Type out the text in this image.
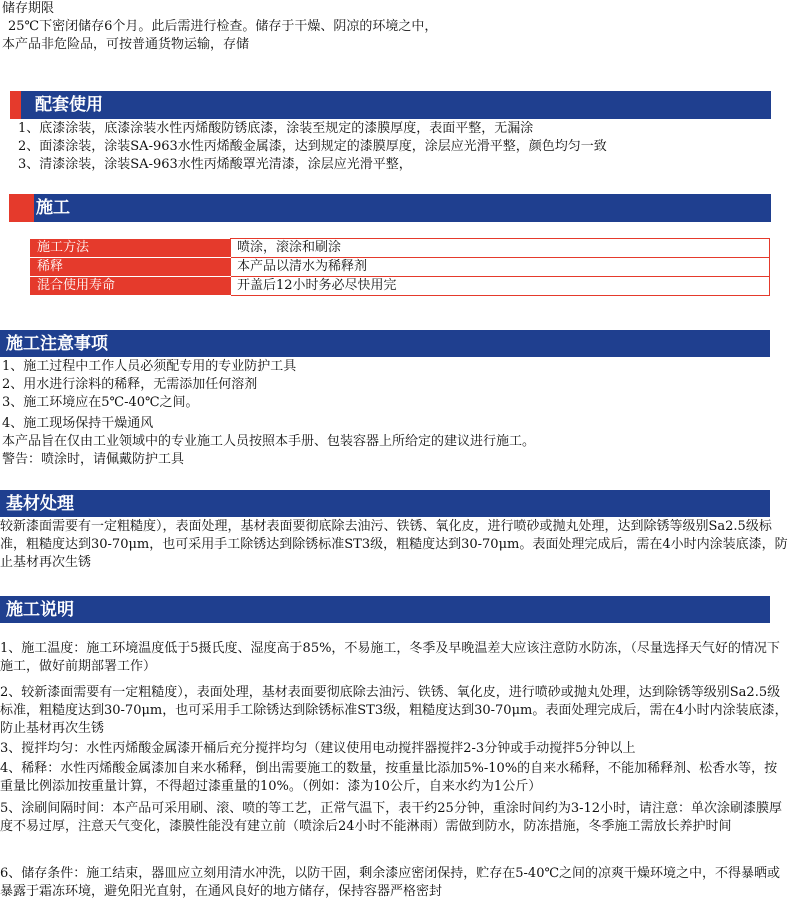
储存期限
25℃下密闭储存6个月。此后需进行检查。储存于干燥、阴凉的环境之中，
本产品非危险品，可按普通货物运输，存储
配套使用
1、底漆涂装，底漆涂装水性丙烯酸防锈底漆，涂装至规定的漆膜厚度，表面平整，无漏涂
2、面漆涂装，涂装SA-963水性丙烯酸金属漆，达到规定的漆膜厚度，涂层应光滑平整，颜色均匀一致
3、清漆涂装，涂装SA-963水性丙烯酸罩光清漆，涂层应光滑平整，
施工
施工方法	喷涂，滚涂和刷涂
稀释	本产品以清水为稀释剂
混合使用寿命	开盖后12小时务必尽快用完
施工注意事项
1、施工过程中工作人员必须配专用的专业防护工具
2、用水进行涂料的稀释，无需添加任何溶剂
3、施工环境应在5℃-40℃之间。
4、施工现场保持干燥通风
本产品旨在仅由工业领域中的专业施工人员按照本手册、包装容器上所给定的建议进行施工。
警告：喷涂时，请佩戴防护工具
基材处理
较新漆面需要有一定粗糙度），表面处理，基材表面要彻底除去油污、铁锈、氧化皮，进行喷砂或抛丸处理，达到除锈等级别Sa2.5级标准，粗糙度达到30-70μm，也可采用手工除锈达到除锈标准ST3级，粗糙度达到30-70μm。表面处理完成后，需在4小时内涂装底漆，防止基材再次生锈
施工说明
1、施工温度：施工环境温度低于5摄氏度、湿度高于85%，不易施工，冬季及早晚温差大应该注意防水防冻，（尽量选择天气好的情况下施工，做好前期部署工作）
2、较新漆面需要有一定粗糙度），表面处理，基材表面要彻底除去油污、铁锈、氧化皮，进行喷砂或抛丸处理，达到除锈等级别Sa2.5级标准，粗糙度达到30-70μm，也可采用手工除锈达到除锈标准ST3级，粗糙度达到30-70μm。表面处理完成后，需在4小时内涂装底漆，防止基材再次生锈
3、搅拌均匀：水性丙烯酸金属漆开桶后充分搅拌均匀（建议使用电动搅拌器搅拌2-3分钟或手动搅拌5分钟以上
4、稀释：水性丙烯酸金属漆加自来水稀释，倒出需要施工的数量，按重量比添加5%-10%的自来水稀释，不能加稀释剂、松香水等，按重量比例添加按重量计算，不得超过漆重量的10%。（例如：漆为10公斤，自来水约为1公斤）
5、涂刷间隔时间：本产品可采用刷、滚、喷的等工艺，正常气温下，表干约25分钟，重涂时间约为3-12小时，请注意：单次涂刷漆膜厚度不易过厚，注意天气变化，漆膜性能没有建立前（喷涂后24小时不能淋雨）需做到防水，防冻措施，冬季施工需放长养护时间
6、储存条件：施工结束，器皿应立刻用清水冲洗，以防干固，剩余漆应密闭保持，贮存在5-40℃之间的凉爽干燥环境之中，不得暴晒或暴露于霜冻环境，避免阳光直射，在通风良好的地方储存，保持容器严格密封
